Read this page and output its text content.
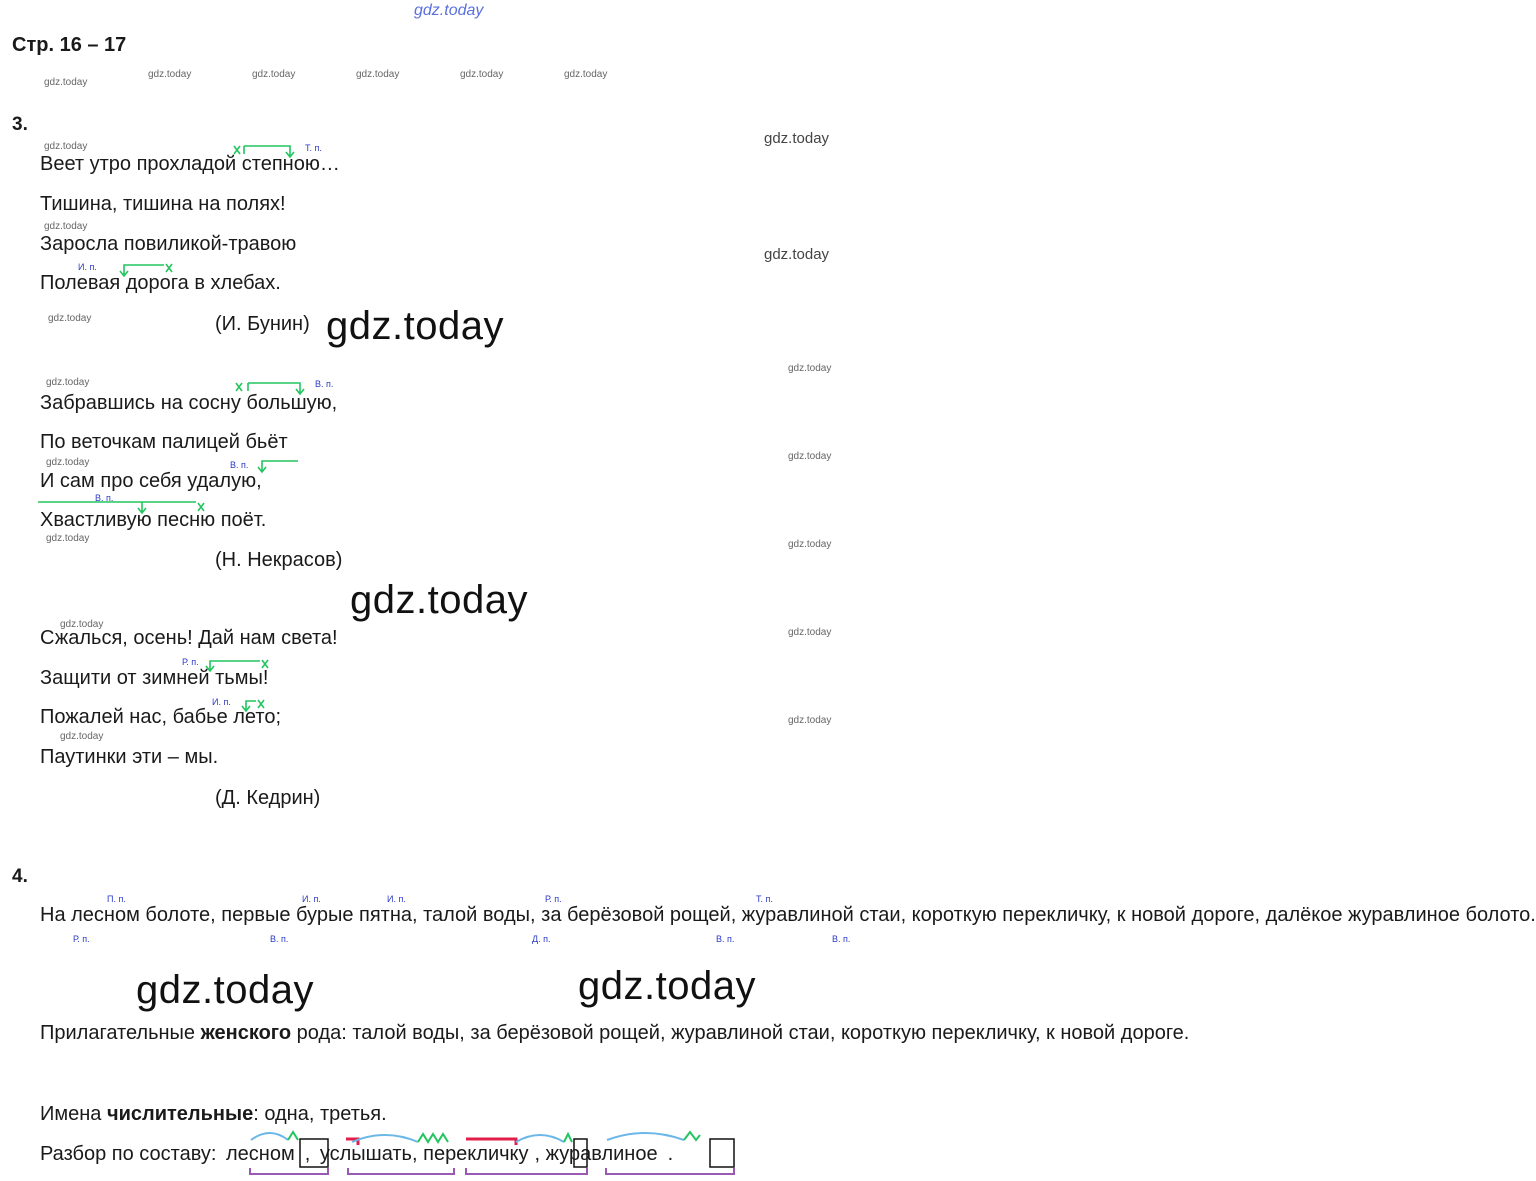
gdz.today
gdz.today
gdz.today	gdz.today	gdz.today	gdz.today	gdz.today
gdz.today	gdz.today
gdz.today
gdz.today
gdz.today	gdz.today
gdz.today
gdz.today
gdz.today
gdz.today
gdz.today
gdz.today
gdz.today
gdz.today
gdz.today
gdz.today
gdz.today
gdz.today	gdz.today
Стр. 16 – 17
3.
Веет утро прохладой степною…
Тишина, тишина на полях!
Заросла повиликой-травою
Полевая дорога в хлебах.
(И. Бунин)
Т. п.
И. п.
Забравшись на сосну большую,
По веточкам палицей бьёт
И сам про себя удалую,
Хвастливую песню поёт.
(Н. Некрасов)
В. п.
В. п.
В. п.
Сжалься, осень! Дай нам света!
Защити от зимней тьмы!
Пожалей нас, бабье лето;
Паутинки эти – мы.
(Д. Кедрин)
Р. п.
И. п.
4.
П. п.	И. п.	И. п.	Р. п.	Т. п.
Р. п.	В. п.	Д. п.	В. п.	В. п.

На лесном болоте, первые бурые пятна, талой воды, за берёзовой рощей, журавлиной стаи, короткую перекличку, к новой дороге, далёкое журавлиное болото.

Прилагательные женского рода: талой воды, за берёзовой рощей, журавлиной стаи, короткую перекличку, к новой дороге.

Имена числительные: одна, третья.
Разбор по составу: лесном , услышать, перекличку , журавлиное .
